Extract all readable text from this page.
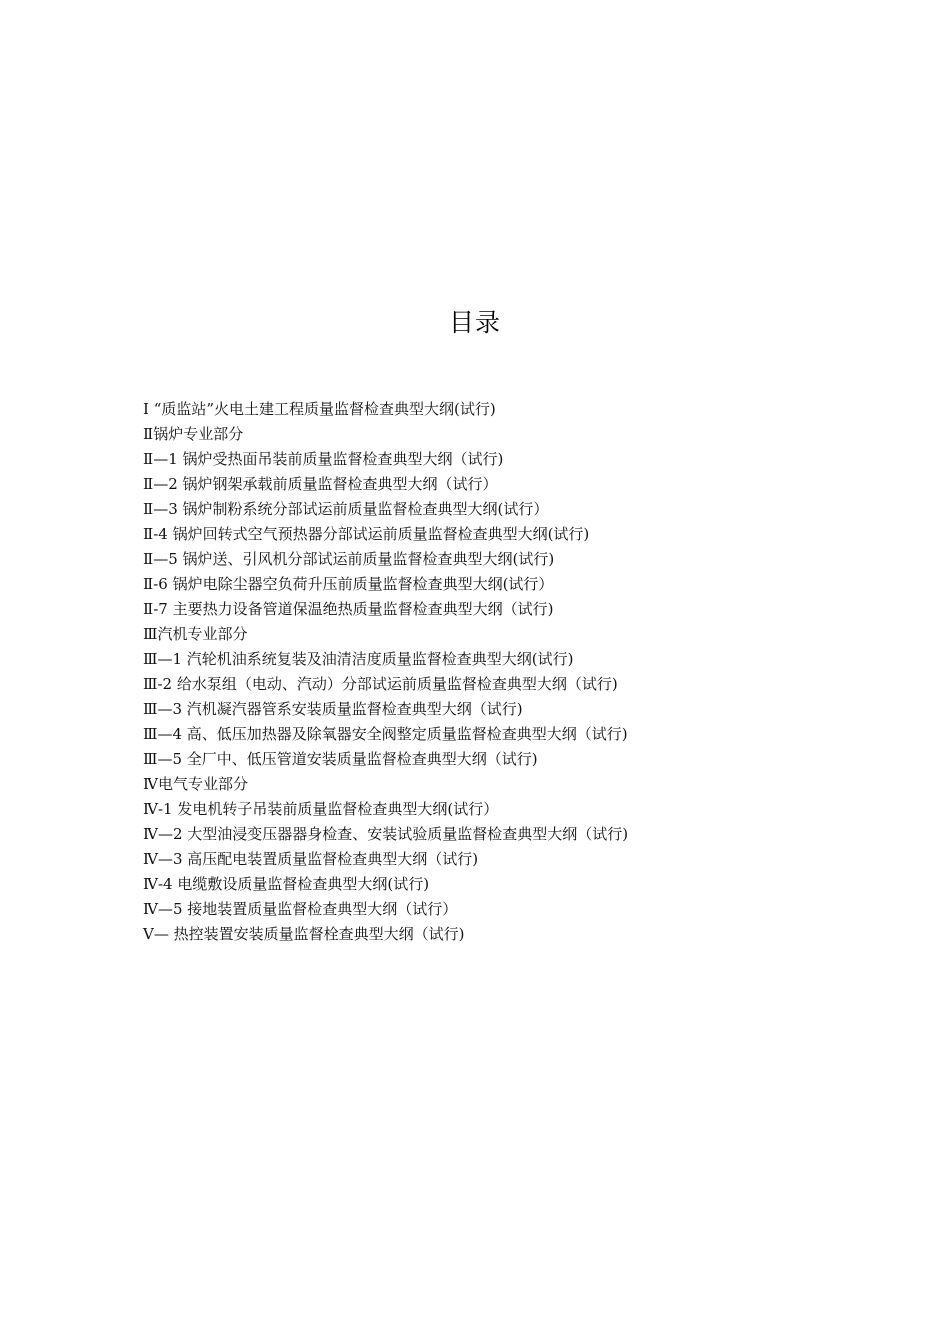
目录
Ⅰ “质监站”火电土建工程质量监督检查典型大纲(试行)
Ⅱ锅炉专业部分
Ⅱ—1 锅炉受热面吊装前质量监督检查典型大纲（试行)
Ⅱ—2 锅炉钢架承载前质量监督检查典型大纲（试行）
Ⅱ—3 锅炉制粉系统分部试运前质量监督检查典型大纲(试行）
Ⅱ-4 锅炉回转式空气预热器分部试运前质量监督检查典型大纲(试行)
Ⅱ—5 锅炉送、引风机分部试运前质量监督检查典型大纲(试行)
Ⅱ-6 锅炉电除尘器空负荷升压前质量监督检查典型大纲(试行）
Ⅱ-7 主要热力设备管道保温绝热质量监督检查典型大纲（试行)
Ⅲ汽机专业部分
Ⅲ—1 汽轮机油系统复装及油清洁度质量监督检查典型大纲(试行)
Ⅲ-2 给水泵组（电动、汽动）分部试运前质量监督检查典型大纲（试行)
Ⅲ—3 汽机凝汽器管系安装质量监督检查典型大纲（试行)
Ⅲ—4 高、低压加热器及除氧器安全阀整定质量监督检查典型大纲（试行)
Ⅲ—5 全厂中、低压管道安装质量监督检查典型大纲（试行)
Ⅳ电气专业部分
Ⅳ-1 发电机转子吊装前质量监督检查典型大纲(试行）
Ⅳ—2 大型油浸变压器器身检查、安装试验质量监督检查典型大纲（试行)
Ⅳ—3 高压配电装置质量监督检查典型大纲（试行)
Ⅳ-4 电缆敷设质量监督检查典型大纲(试行)
Ⅳ—5 接地装置质量监督检查典型大纲（试行）
Ⅴ— 热控装置安装质量监督栓查典型大纲（试行)
